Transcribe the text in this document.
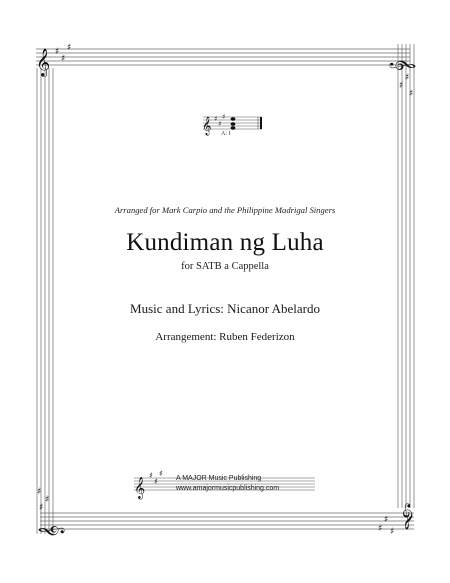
𝄞 ♯
♯
♯
𝄞
♯
♯
♯
♯
♯
♯
𝄞	♯
♯
♯
𝄞
𝄞 ♯
♯
♯
𝄞
♯
♯
♯
A: I
Arranged for Mark Carpio and the Philippine Madrigal Singers
Kundiman ng Luha
for SATB a Cappella
Music and Lyrics: Nicanor Abelardo
Arrangement: Ruben Federizon
A MAJOR Music Publishing
www.amajormusicpublishing.com
